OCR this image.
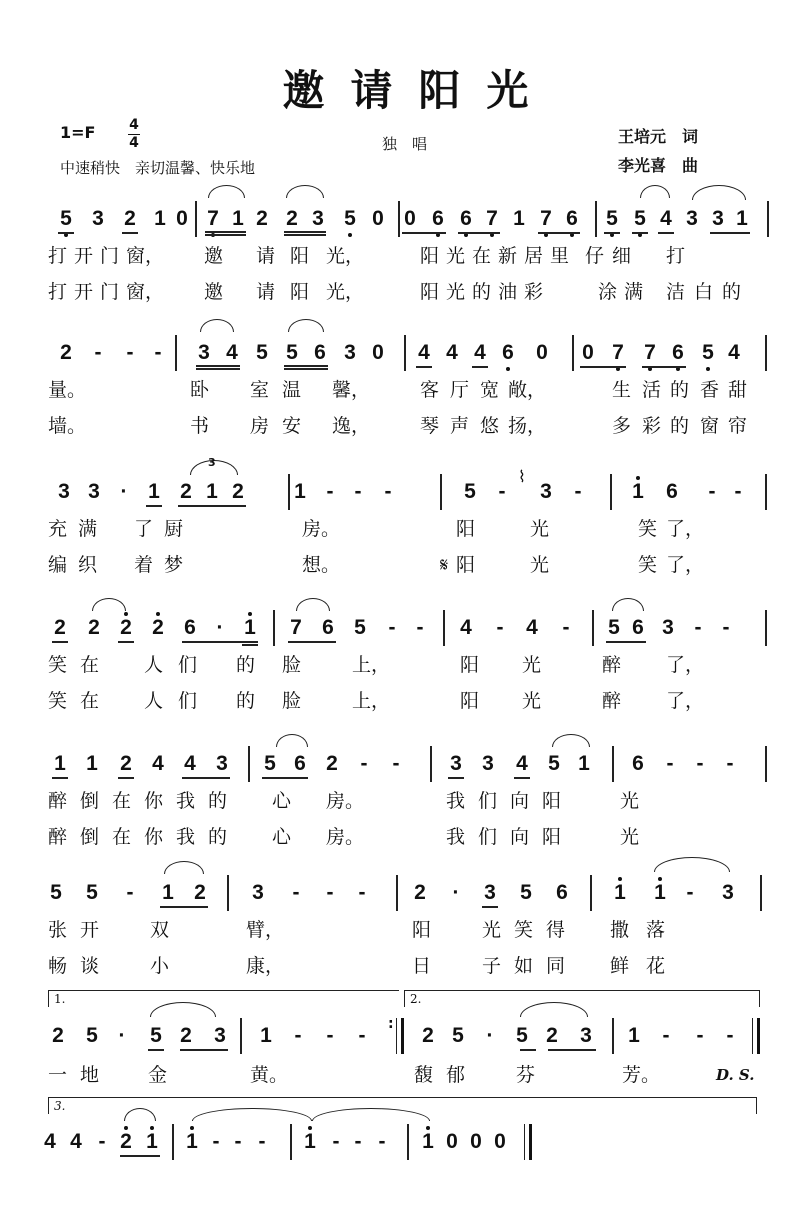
邀请阳光
1=F 4
4	独　唱	王培元　词
中速稍快　亲切温馨、快乐地	李光喜　曲
5 3 2 1 0 7 1 2 2 3 5 0 0 6 6 7 1 7 6 5 5 4 3 3 1
打 开 门 窗， 邀 请 阳 光，	阳 光 在 新 居 里 仔 细 打
打 开 门 窗， 邀 请 阳 光，	阳 光 的 油 彩	涂 满 洁 白 的
2 - - - 3 4 5 5 6 3 0 4 4 4 6 0 0 7 7 6 5 4
量。	卧 室 温 馨，	客 厅 宽 敞，	生 活 的 香 甜
墙。	书 房 安 逸，	琴 声 悠 扬，	多 彩 的 窗 帘
3 3 · 1 2 1 2 1 - - -	5 - 3 - 1 6 - -
3
⌇
充 满 了 厨	房。	阳	光	笑 了，
编 织 着 梦	想。	𝄋 阳	光	笑 了，
2 2 2 2 6 · 1 7 6 5 - - 4 - 4 - 5 6 3 - -
笑 在 人 们 的 脸	上，	阳 光	醉 了，
笑 在 人 们 的 脸	上，	阳 光	醉 了，
1 1 2 4 4 3 5 6 2 - - 3 3 4 5 1 6 - - -
醉 倒 在 你 我 的 心 房。	我 们 向 阳	光
醉 倒 在 你 我 的 心 房。	我 们 向 阳	光
5 5 - 1 2 3 - - - 2 · 3 5 6 1 1 - 3
张 开	双	臂，	阳	光 笑 得 撒 落
畅 谈	小	康，	日	子 如 同 鲜 花
1.	2.
2 5 · 5 2 3 1 - - -	2 5 · 5 2 3 1 - - -
:
一 地	金	黄。	馥 郁	芬	芳。	D. S.
3.
4 4 - 2 1 1 - - - 1 - - - 1 0 0 0
